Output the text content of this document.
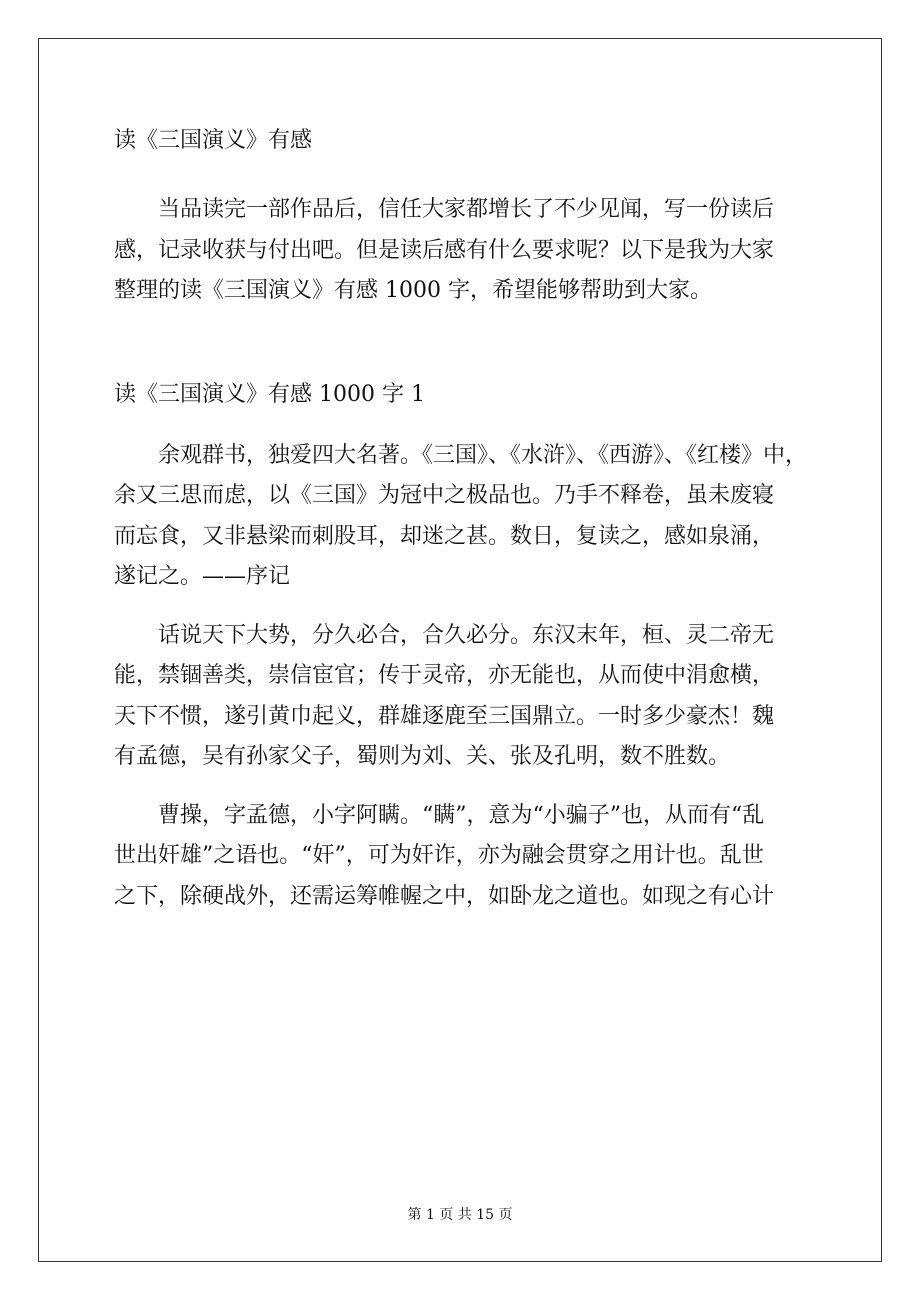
读《三国演义》有感

当品读完一部作品后，信任大家都增长了不少见闻，写一份读后
感，记录收获与付出吧。但是读后感有什么要求呢？以下是我为大家
整理的读《三国演义》有感 1000 字，希望能够帮助到大家。

读《三国演义》有感 1000 字 1

余观群书，独爱四大名著。《三国》、《水浒》、《西游》、《红楼》中，
余又三思而虑，以《三国》为冠中之极品也。乃手不释卷，虽未废寝
而忘食，又非悬梁而刺股耳，却迷之甚。数日，复读之，感如泉涌，
遂记之。——序记

话说天下大势，分久必合，合久必分。东汉末年，桓、灵二帝无
能，禁锢善类，崇信宦官；传于灵帝，亦无能也，从而使中涓愈横，
天下不惯，遂引黄巾起义，群雄逐鹿至三国鼎立。一时多少豪杰！魏
有孟德，吴有孙家父子，蜀则为刘、关、张及孔明，数不胜数。

曹操，字孟德，小字阿瞒。“瞒”，意为“小骗子”也，从而有“乱
世出奸雄”之语也。“奸”，可为奸诈，亦为融会贯穿之用计也。乱世
之下，除硬战外，还需运筹帷幄之中，如卧龙之道也。如现之有心计

第 1 页 共 15 页
